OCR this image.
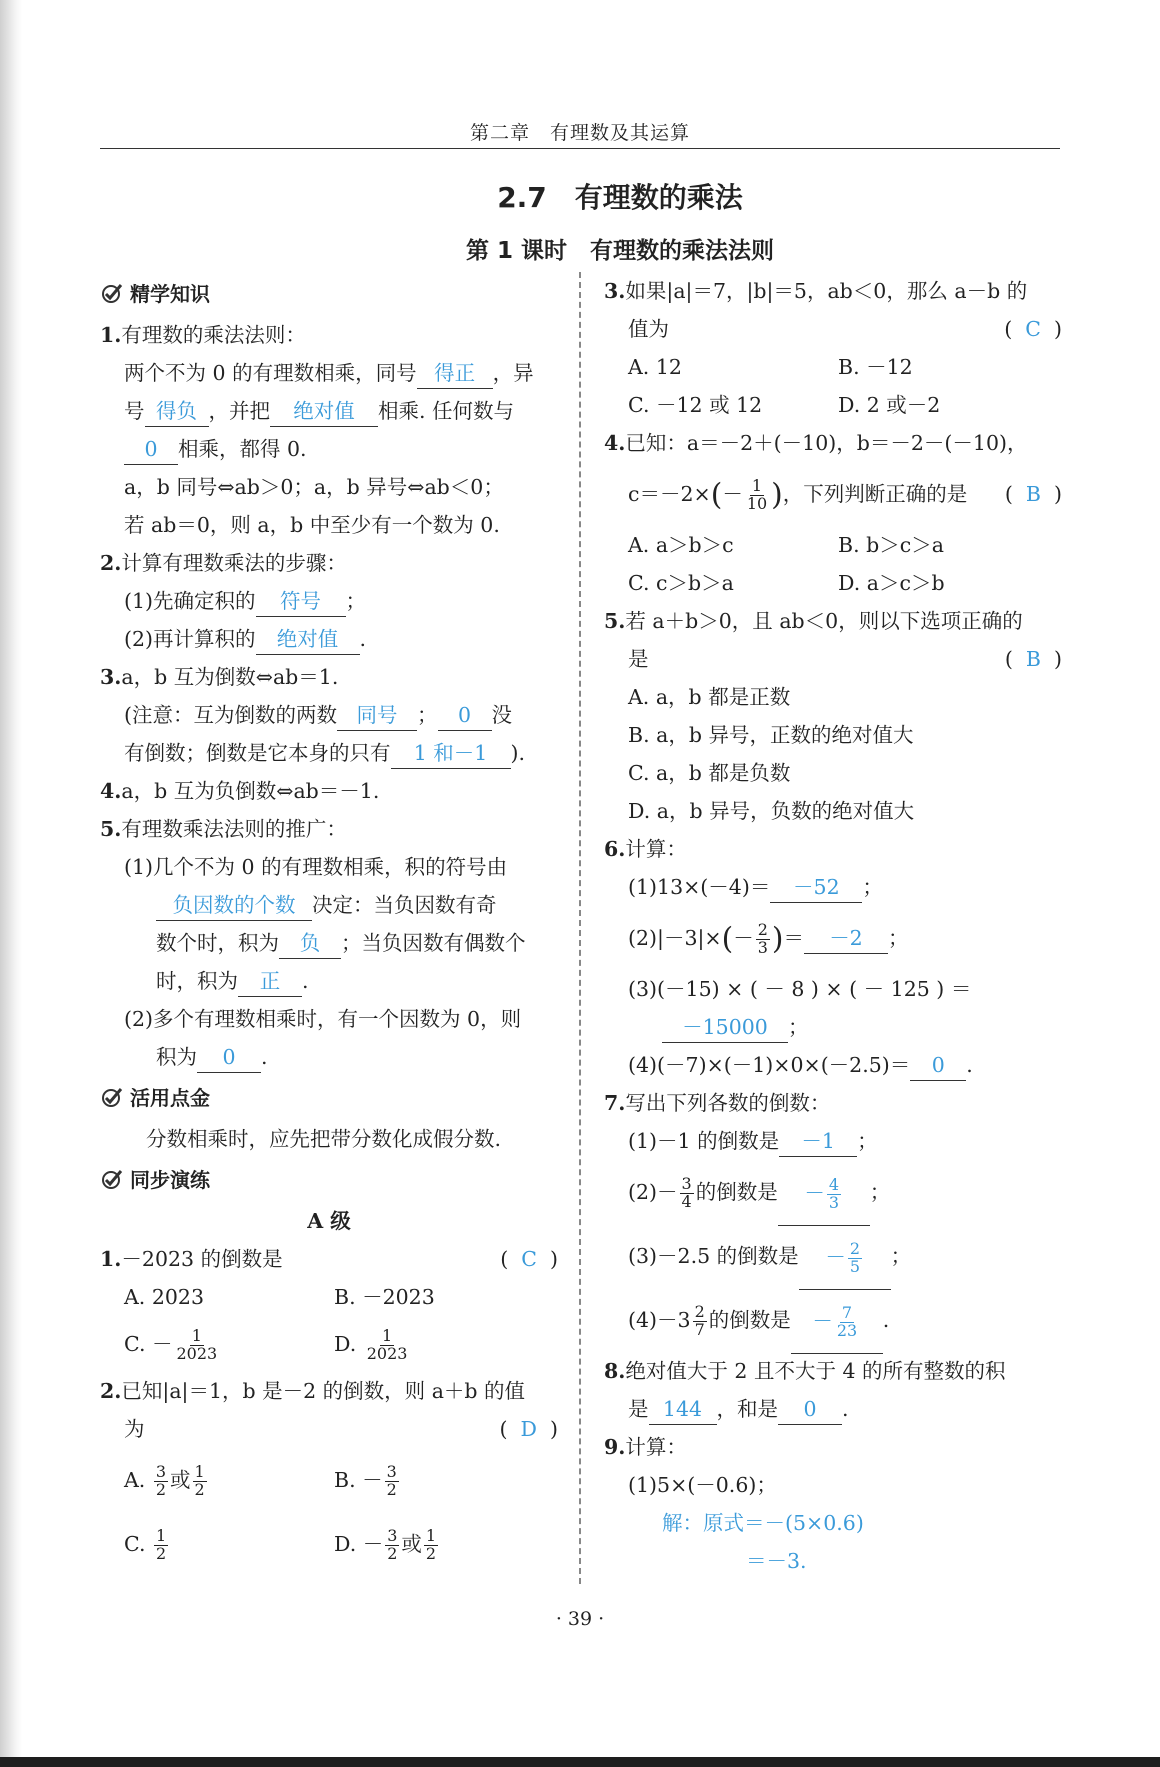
第二章　有理数及其运算
2.7　有理数的乘法
第 1 课时　有理数的乘法法则
精学知识
1.有理数的乘法法则：
两个不为 0 的有理数相乘，同号 得正 ，异
号 得负 ，并把 绝对值 相乘. 任何数与
0 相乘，都得 0.
a，b 同号⇔ab＞0；a，b 异号⇔ab＜0；
若 ab＝0，则 a，b 中至少有一个数为 0.
2.计算有理数乘法的步骤：
(1)先确定积的 符号 ；
(2)再计算积的 绝对值 .
3.a，b 互为倒数⇔ab＝1.
(注意：互为倒数的两数 同号 ； 0 没
有倒数；倒数是它本身的只有 1 和－1 ).
4.a，b 互为负倒数⇔ab＝－1.
5.有理数乘法法则的推广：
(1)几个不为 0 的有理数相乘，积的符号由
负因数的个数 决定：当负因数有奇
数个时，积为 负 ；当负因数有偶数个
时，积为 正 .
(2)多个有理数相乘时，有一个因数为 0，则
积为 0 .
活用点金
分数相乘时，应先把带分数化成假分数.
同步演练
A 级
1.－2023 的倒数是	( C )
A. 2023	B. －2023
C. － $\frac{1}{2023}$	D. $\frac{1}{2023}$
2.已知|a|＝1，b 是－2 的倒数，则 a＋b 的值
为	( D )
A. $\frac{3}{2}$ 或 $\frac{1}{2}$	B. － $\frac{3}{2}$
C. $\frac{1}{2}$	D. － $\frac{3}{2}$ 或 $\frac{1}{2}$
3.如果|a|＝7，|b|＝5，ab＜0，那么 a－b 的
值为	( C )
A. 12	B. －12
C. －12 或 12	D. 2 或－2
4.已知：a＝－2＋(－10)，b＝－2－(－10)，
$c=-2\times(- \frac{1}{10}$ )，下列判断正确的是 ( B )
A. a＞b＞c	B. b＞c＞a
C. c＞b＞a	D. a＞c＞b
5.若 a＋b＞0，且 ab＜0，则以下选项正确的
是	( B )
A. a，b 都是正数
B. a，b 异号，正数的绝对值大
C. a，b 都是负数
D. a，b 异号，负数的绝对值大
6.计算：
(1)13×(－4)＝ －52 ；
$(2)|-3|\times(- \frac{2}{3}$ )＝ －2 ；
(3)(－15) × ( － 8 ) × ( － 125 ) ＝
－15000 ；
(4)(－7)×(－1)×0×(－2.5)＝ 0 .
7.写出下列各数的倒数：
(1)－1 的倒数是 －1 ；
$(2)- \frac{3}{4}$ 的倒数是 － $\frac{4}{3}$ ；
(3)－2.5 的倒数是 － $\frac{2}{5}$ ；
$(4)-3 \frac{2}{7}$ 的倒数是 － $\frac{7}{23}$ .
8.绝对值大于 2 且不大于 4 的所有整数的积
是 144 ，和是 0 .
9.计算：
(1)5×(－0.6)；
解：原式＝－(5×0.6)
＝－3.
· 39 ·
